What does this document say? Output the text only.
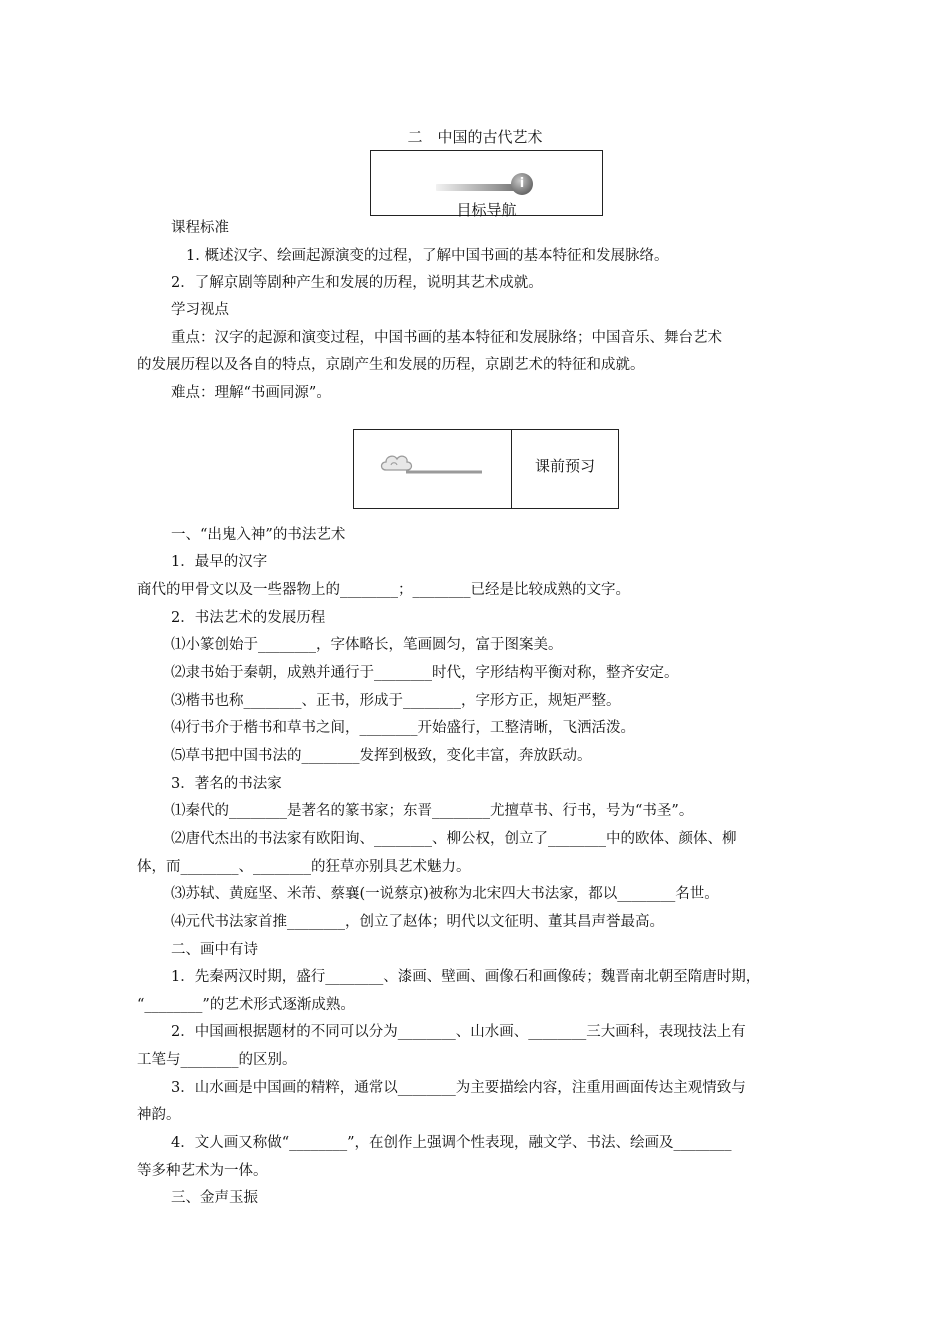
二　中国的古代艺术
i
目标导航
课程标准
1. 概述汉字、绘画起源演变的过程，了解中国书画的基本特征和发展脉络。
2．了解京剧等剧种产生和发展的历程，说明其艺术成就。
学习视点
重点：汉字的起源和演变过程，中国书画的基本特征和发展脉络；中国音乐、舞台艺术
的发展历程以及各自的特点，京剧产生和发展的历程，京剧艺术的特征和成就。
难点：理解“书画同源”。
课前预习
一、“出鬼入神”的书法艺术
1．最早的汉字
商代的甲骨文以及一些器物上的________；________已经是比较成熟的文字。
2．书法艺术的发展历程
⑴小篆创始于________，字体略长，笔画圆匀，富于图案美。
⑵隶书始于秦朝，成熟并通行于________时代，字形结构平衡对称，整齐安定。
⑶楷书也称________、正书，形成于________，字形方正，规矩严整。
⑷行书介于楷书和草书之间，________开始盛行，工整清晰，飞洒活泼。
⑸草书把中国书法的________发挥到极致，变化丰富，奔放跃动。
3．著名的书法家
⑴秦代的________是著名的篆书家；东晋________尤擅草书、行书，号为“书圣”。
⑵唐代杰出的书法家有欧阳询、________、柳公权，创立了________中的欧体、颜体、柳
体，而________、________的狂草亦别具艺术魅力。
⑶苏轼、黄庭坚、米芾、蔡襄(一说蔡京)被称为北宋四大书法家，都以________名世。
⑷元代书法家首推________，创立了赵体；明代以文征明、董其昌声誉最高。
二、画中有诗
1．先秦两汉时期，盛行________、漆画、壁画、画像石和画像砖；魏晋南北朝至隋唐时期，
“________”的艺术形式逐渐成熟。
2．中国画根据题材的不同可以分为________、山水画、________三大画科，表现技法上有
工笔与________的区别。
3．山水画是中国画的精粹，通常以________为主要描绘内容，注重用画面传达主观情致与
神韵。
4．文人画又称做“________”，在创作上强调个性表现，融文学、书法、绘画及________
等多种艺术为一体。
三、金声玉振
